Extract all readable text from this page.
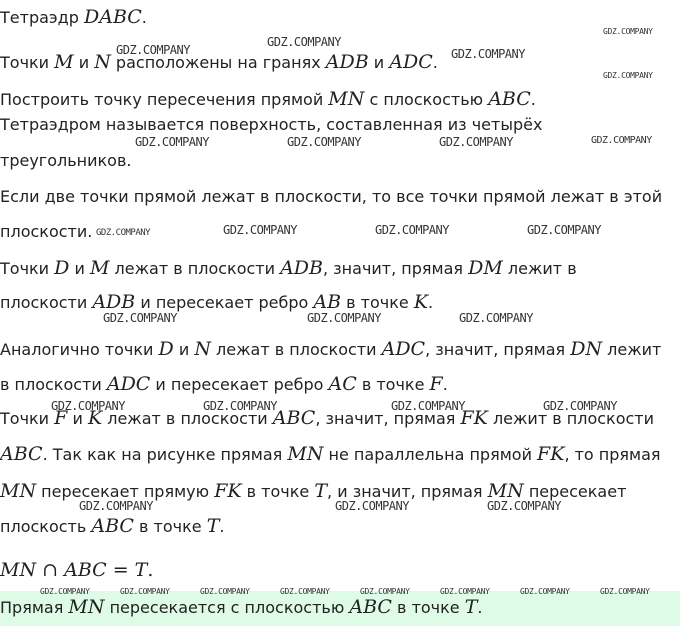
Тетраэдр DABC.
Точки M и N расположены на гранях ADB и ADC.
Построить точку пересечения прямой MN с плоскостью ABC.
Тетраэдром называется поверхность, составленная из четырёх
треугольников.
Если две точки прямой лежат в плоскости, то все точки прямой лежат в этой
плоскости.
Точки D и M лежат в плоскости ADB, значит, прямая DM лежит в
плоскости ADB и пересекает ребро AB в точке K.
Аналогично точки D и N лежат в плоскости ADC, значит, прямая DN лежит
в плоскости ADC и пересекает ребро AC в точке F.
Точки F и K лежат в плоскости ABC, значит, прямая FK лежит в плоскости
ABC. Так как на рисунке прямая MN не параллельна прямой FK, то прямая
MN пересекает прямую FK в точке T, и значит, прямая MN пересекает
плоскость ABC в точке T.
MN ∩ ABC = T.
Прямая MN пересекается с плоскостью ABC в точке T.
GDZ.COMPANY
GDZ.COMPANY
GDZ.COMPANY
GDZ.COMPANY
GDZ.COMPANY
GDZ.COMPANY	GDZ.COMPANY	GDZ.COMPANY	GDZ.COMPANY
GDZ.COMPANY	GDZ.COMPANY	GDZ.COMPANY	GDZ.COMPANY
GDZ.COMPANY	GDZ.COMPANY	GDZ.COMPANY
GDZ.COMPANY	GDZ.COMPANY	GDZ.COMPANY	GDZ.COMPANY
GDZ.COMPANY	GDZ.COMPANY	GDZ.COMPANY
GDZ.COMPANY	GDZ.COMPANY	GDZ.COMPANY	GDZ.COMPANY	GDZ.COMPANY	GDZ.COMPANY	GDZ.COMPANY	GDZ.COMPANY
